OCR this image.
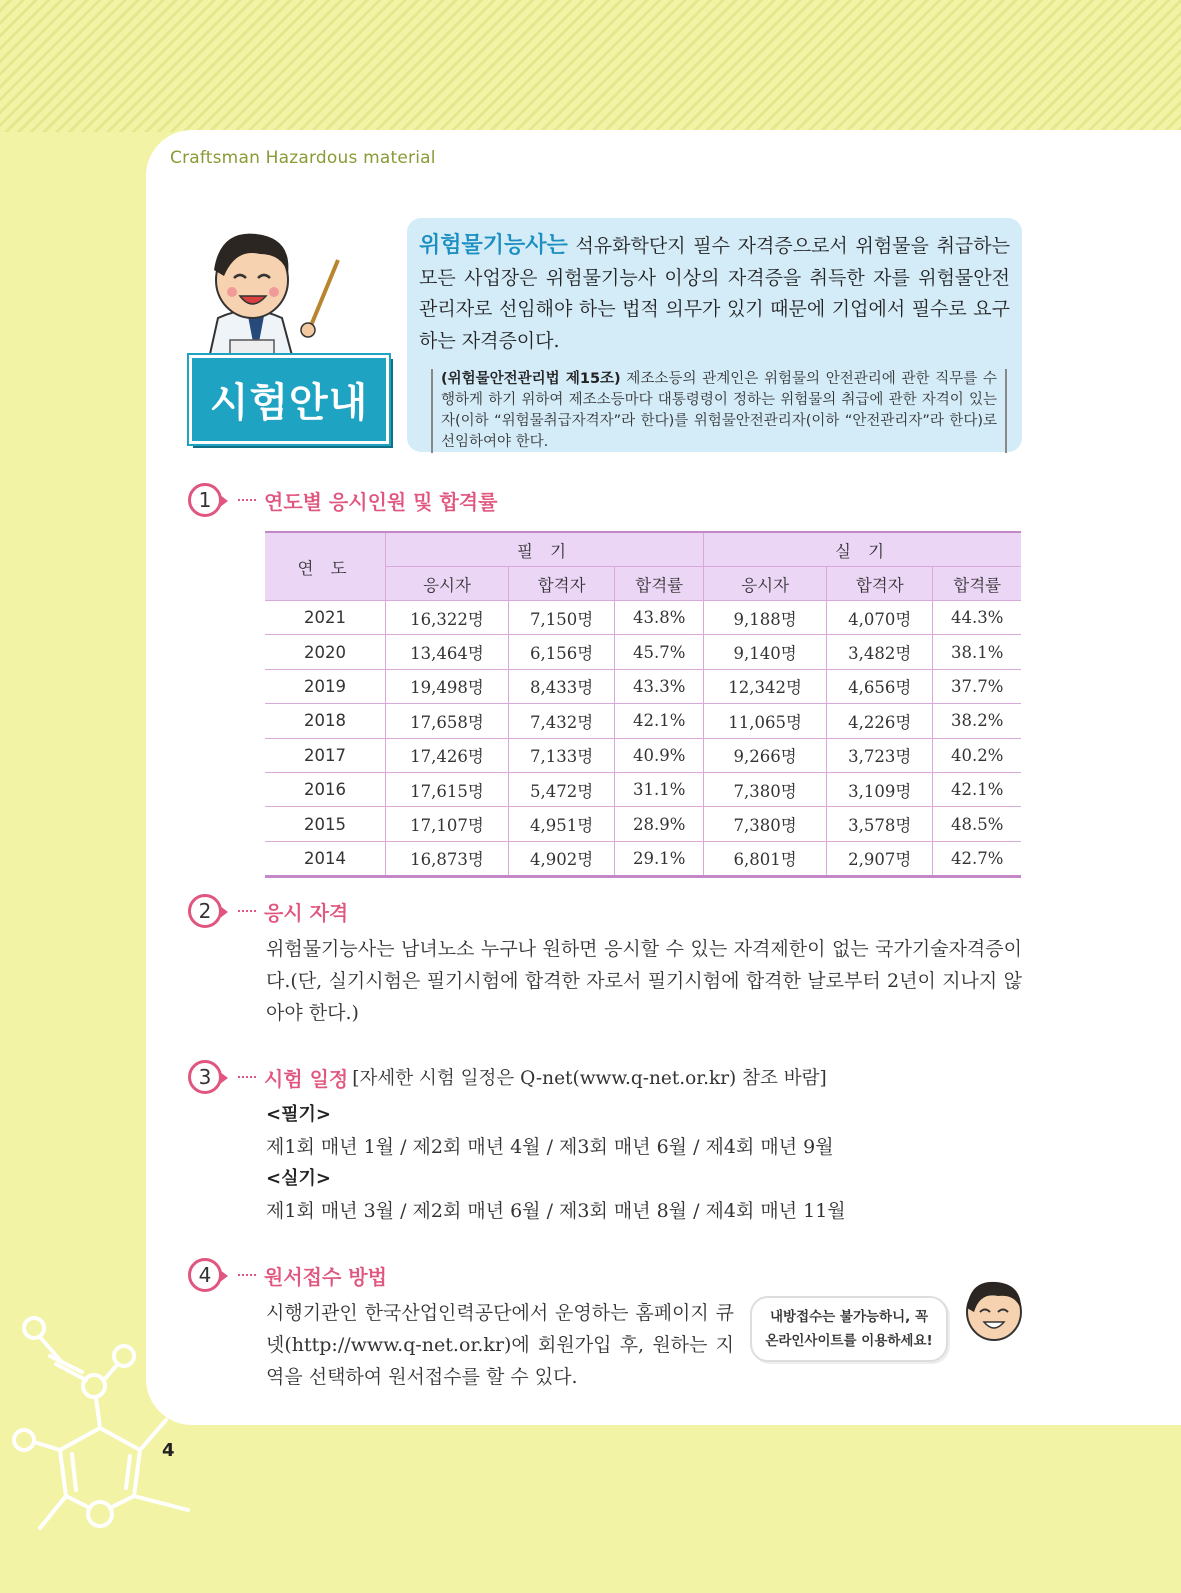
Craftsman Hazardous material
시험안내
위험물기능사는 석유화학단지 필수 자격증으로서 위험물을 취급하는 모든 사업장은 위험물기능사 이상의 자격증을 취득한 자를 위험물안전관리자로 선임해야 하는 법적 의무가 있기 때문에 기업에서 필수로 요구하는 자격증이다.
(위험물안전관리법 제15조) 제조소등의 관계인은 위험물의 안전관리에 관한 직무를 수행하게 하기 위하여 제조소등마다 대통령령이 정하는 위험물의 취급에 관한 자격이 있는 자(이하 “위험물취급자격자”라 한다)를 위험물안전관리자(이하 “안전관리자”라 한다)로 선임하여야 한다.
1	연도별 응시인원 및 합격률
연 도	필 기			실 기		
	응시자	합격자	합격률	응시자	합격자	합격률
2021	16,322명	7,150명	43.8%	9,188명	4,070명	44.3%
2020	13,464명	6,156명	45.7%	9,140명	3,482명	38.1%
2019	19,498명	8,433명	43.3%	12,342명	4,656명	37.7%
2018	17,658명	7,432명	42.1%	11,065명	4,226명	38.2%
2017	17,426명	7,133명	40.9%	9,266명	3,723명	40.2%
2016	17,615명	5,472명	31.1%	7,380명	3,109명	42.1%
2015	17,107명	4,951명	28.9%	7,380명	3,578명	48.5%
2014	16,873명	4,902명	29.1%	6,801명	2,907명	42.7%
2	응시 자격
위험물기능사는 남녀노소 누구나 원하면 응시할 수 있는 자격제한이 없는 국가기술자격증이다.(단, 실기시험은 필기시험에 합격한 자로서 필기시험에 합격한 날로부터 2년이 지나지 않아야 한다.)
3	시험 일정 [자세한 시험 일정은 Q-net(www.q-net.or.kr) 참조 바람]
<필기>
제1회 매년 1월 / 제2회 매년 4월 / 제3회 매년 6월 / 제4회 매년 9월
<실기>
제1회 매년 3월 / 제2회 매년 6월 / 제3회 매년 8월 / 제4회 매년 11월
4	원서접수 방법
시행기관인 한국산업인력공단에서 운영하는 홈페이지 큐넷(http://www.q-net.or.kr)에 회원가입 후, 원하는 지역을 선택하여 원서접수를 할 수 있다.
내방접수는 불가능하니, 꼭
온라인사이트를 이용하세요!
4
